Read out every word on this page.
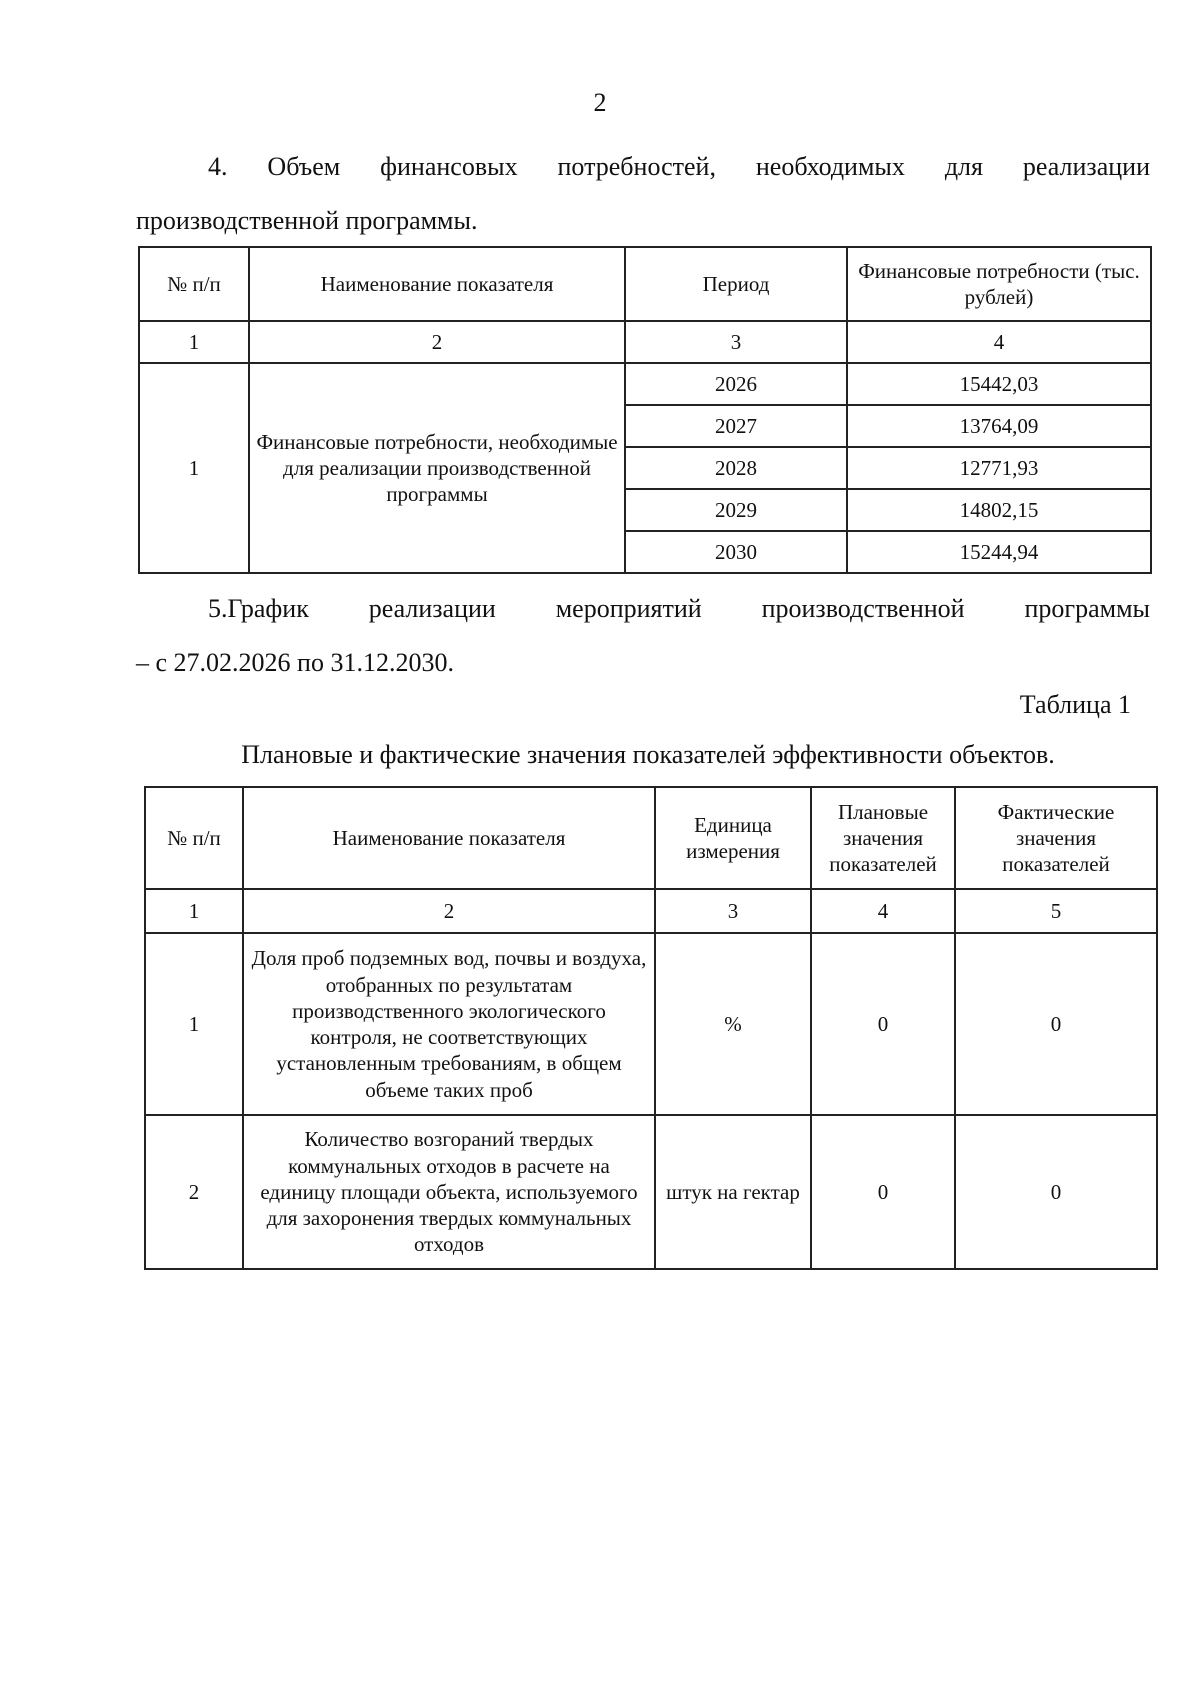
2
4. Объем финансовых потребностей, необходимых для реализации
производственной программы.
№ п/п	Наименование показателя	Период	Финансовые потребности (тыс. рублей)
1	2	3	4
1	Финансовые потребности, необходимые для реализации производственной программы	2026	15442,03
		2027	13764,09
		2028	12771,93
		2029	14802,15
		2030	15244,94
5.График реализации мероприятий производственной программы
– с 27.02.2026 по 31.12.2030.
Таблица 1
Плановые и фактические значения показателей эффективности объектов.
№ п/п	Наименование показателя	Единица измерения	Плановые значения показателей	Фактические значения показателей
1	2	3	4	5
1	Доля проб подземных вод, почвы и воздуха, отобранных по результатам производственного экологического контроля, не соответствующих установленным требованиям, в общем объеме таких проб	%	0	0
2	Количество возгораний твердых коммунальных отходов в расчете на единицу площади объекта, используемого для захоронения твердых коммунальных отходов	штук на гектар	0	0
